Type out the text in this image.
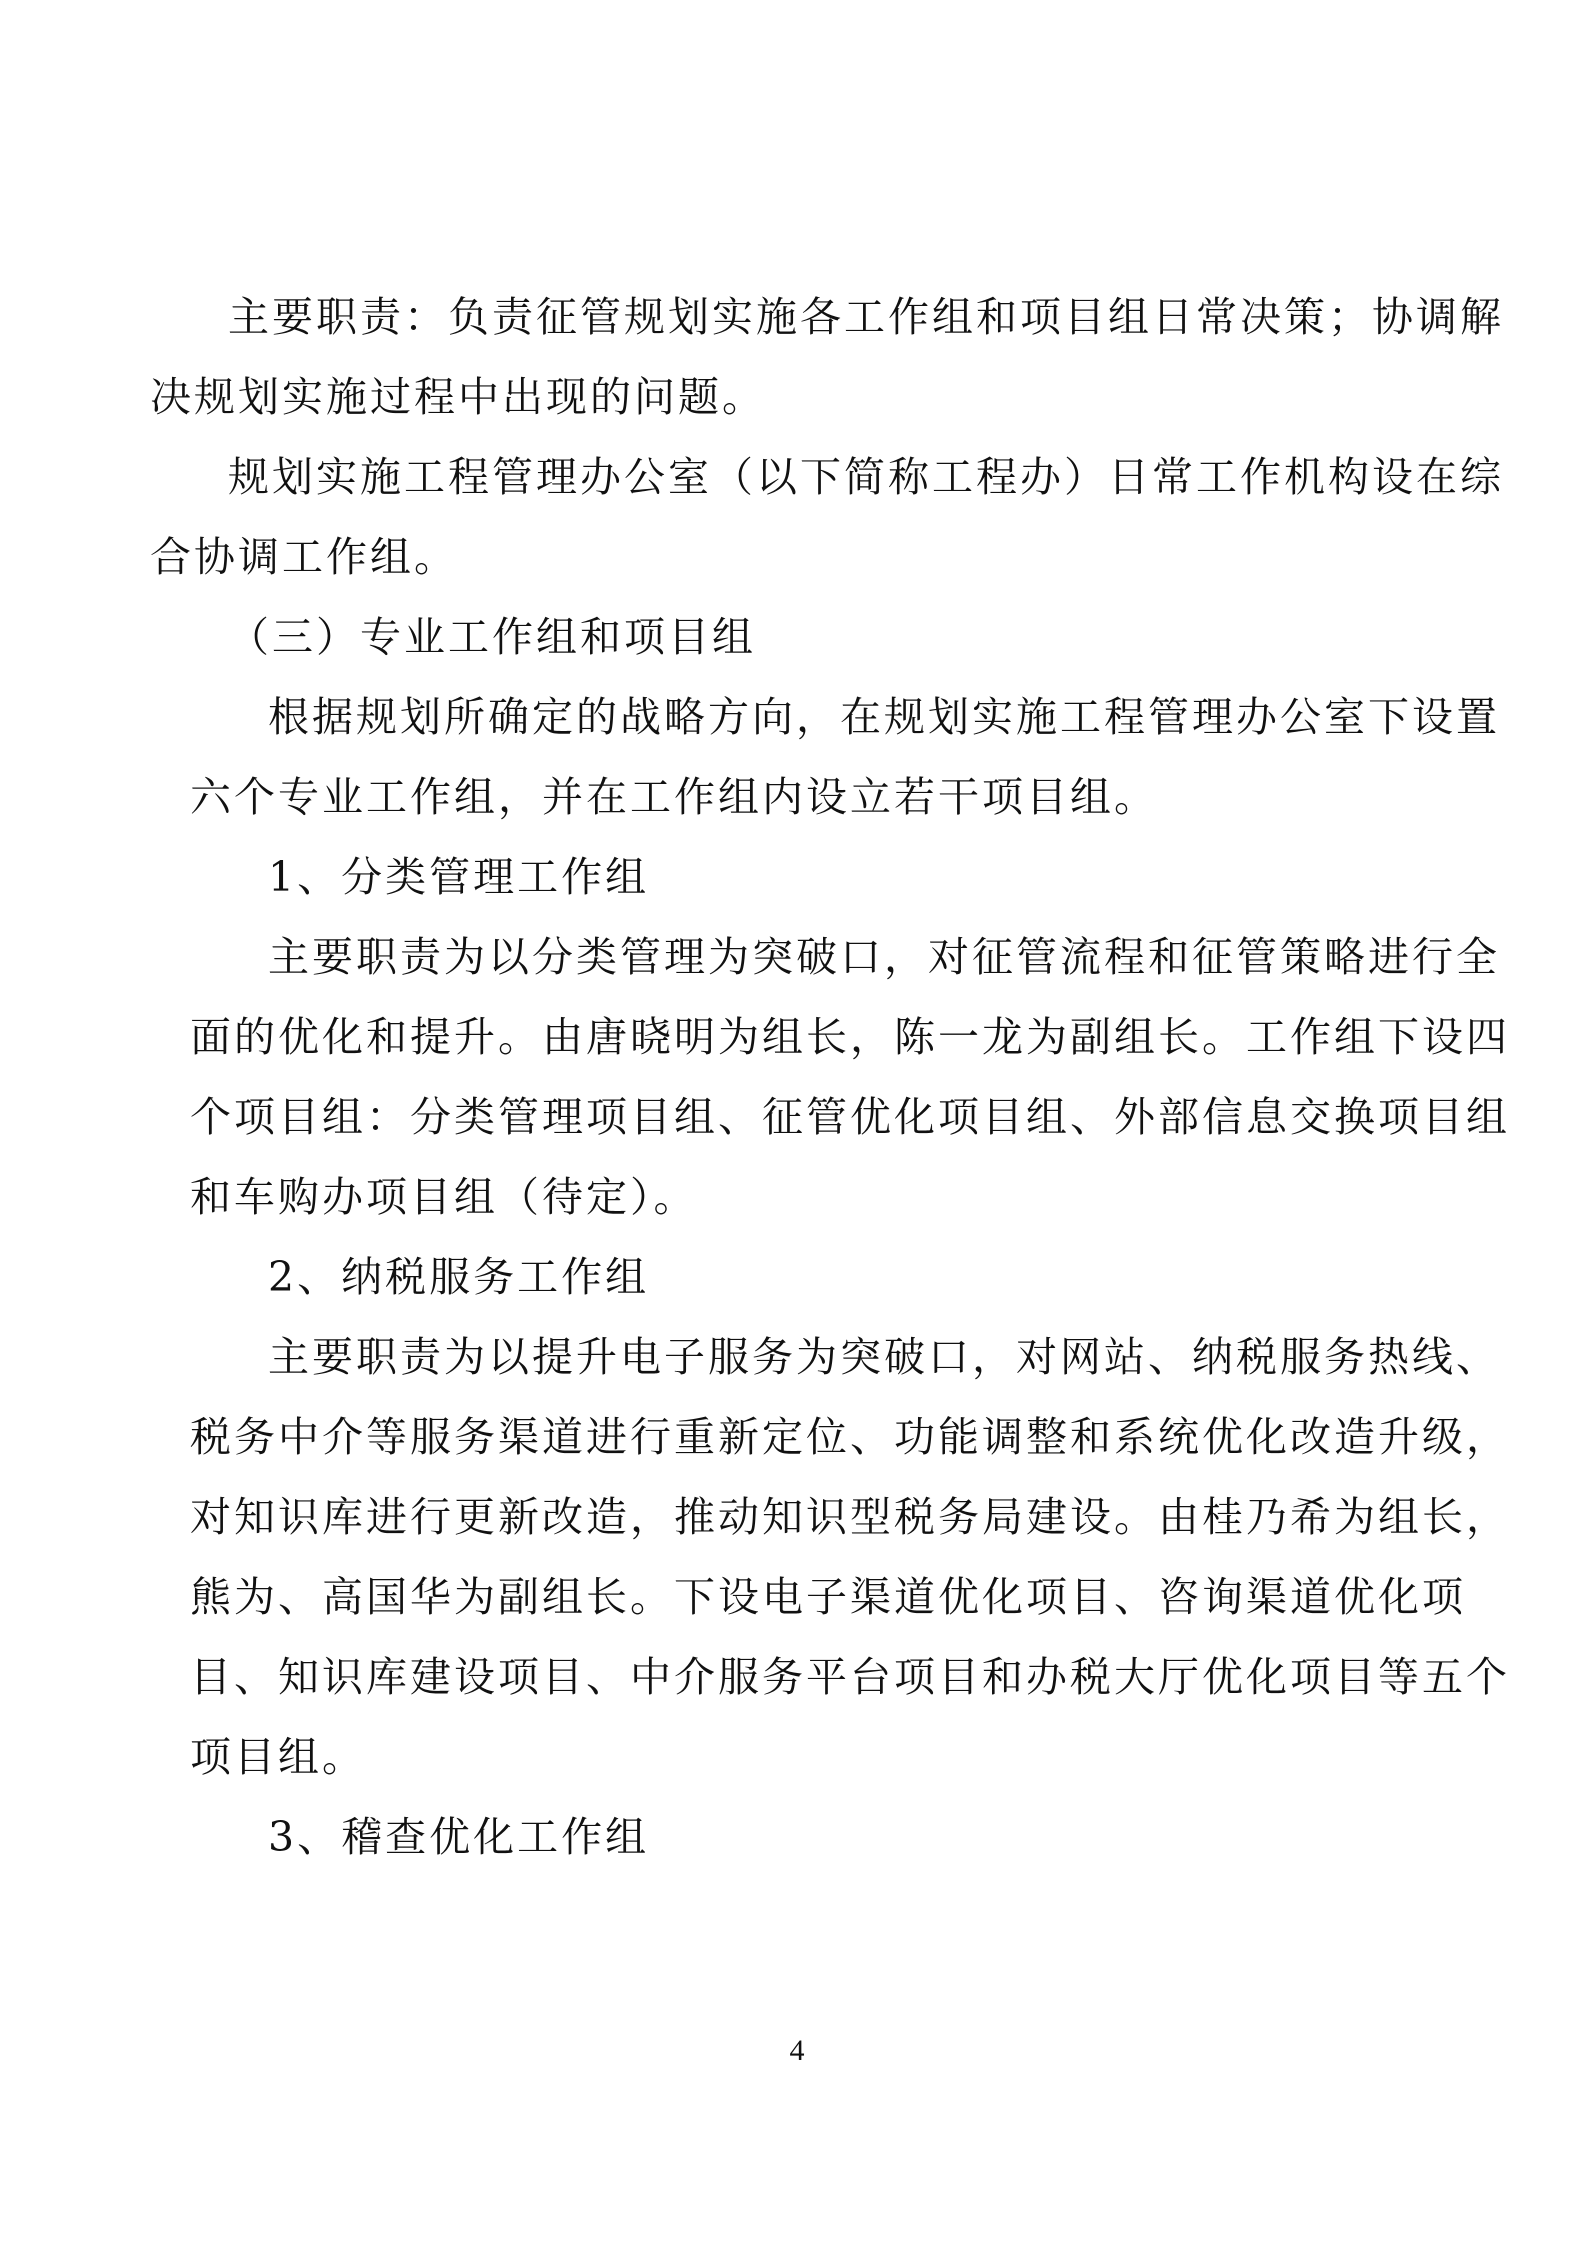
主要职责：负责征管规划实施各工作组和项目组日常决策；协调解
决规划实施过程中出现的问题。
规划实施工程管理办公室（以下简称工程办）日常工作机构设在综
合协调工作组。
（三）专业工作组和项目组
根据规划所确定的战略方向，在规划实施工程管理办公室下设置
六个专业工作组，并在工作组内设立若干项目组。
1、分类管理工作组
主要职责为以分类管理为突破口，对征管流程和征管策略进行全
面的优化和提升。由唐晓明为组长，陈一龙为副组长。工作组下设四
个项目组：分类管理项目组、征管优化项目组、外部信息交换项目组
和车购办项目组（待定）。
2、纳税服务工作组
主要职责为以提升电子服务为突破口，对网站、纳税服务热线、
税务中介等服务渠道进行重新定位、功能调整和系统优化改造升级，
对知识库进行更新改造，推动知识型税务局建设。由桂乃希为组长，
熊为、高国华为副组长。下设电子渠道优化项目、咨询渠道优化项
目、知识库建设项目、中介服务平台项目和办税大厅优化项目等五个
项目组。
3、稽查优化工作组
4
